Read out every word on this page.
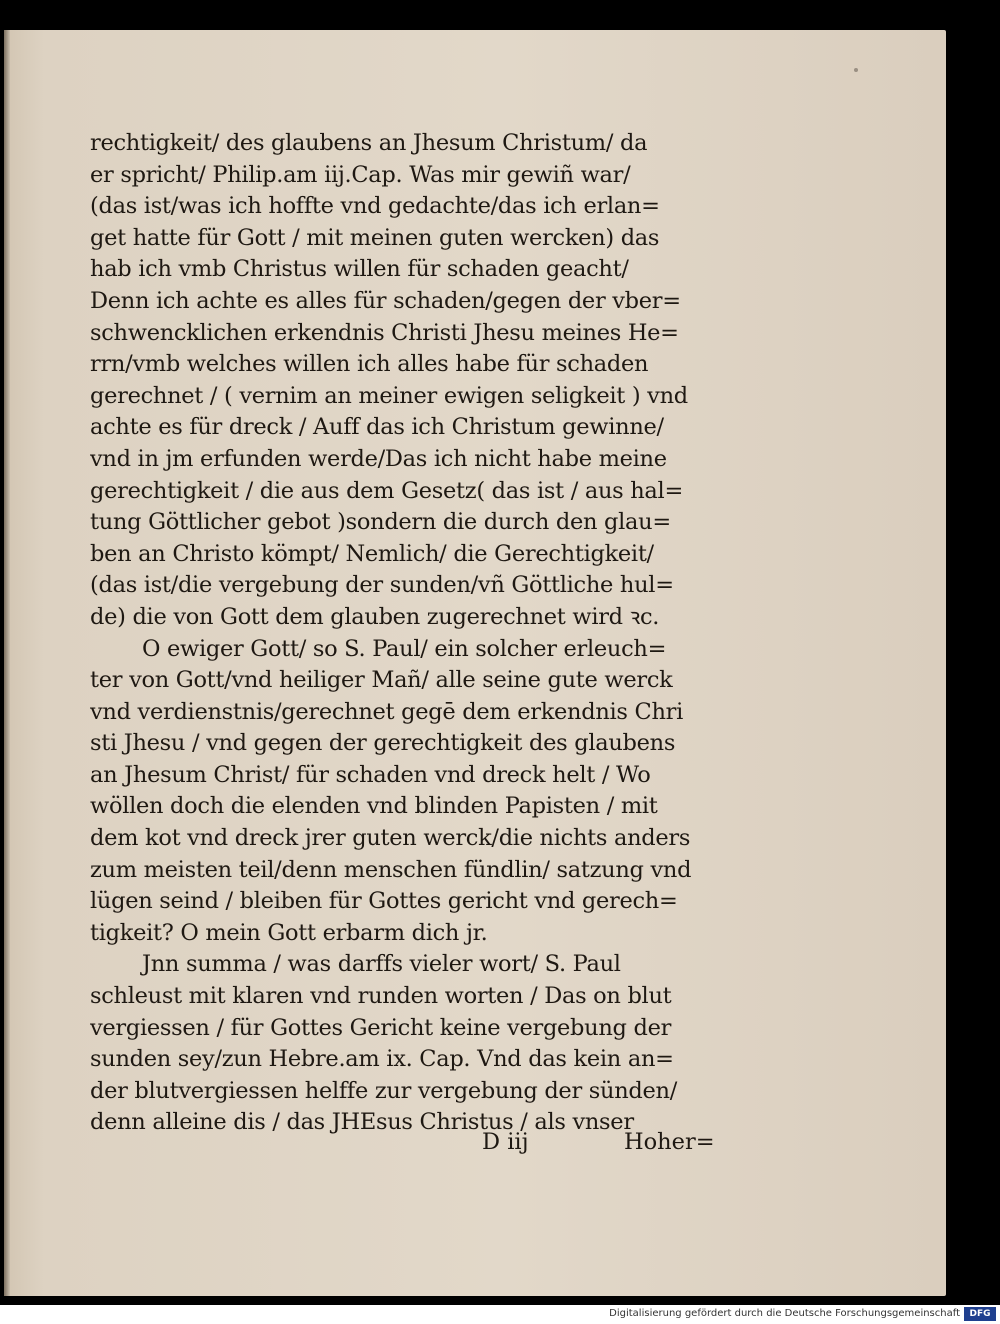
rechtigkeit/ des glaubens an Jhesum Christum/ da
er spricht/ Philip.am iij.Cap. Was mir gewiñ war/
(das ist/was ich hoffte vnd gedachte/das ich erlan=
get hatte für Gott / mit meinen guten wercken) das
hab ich vmb Christus willen für schaden geacht/
Denn ich achte es alles für schaden/gegen der vber=
schwencklichen erkendnis Christi Jhesu meines He=
rrn/vmb welches willen ich alles habe für schaden
gerechnet / ( vernim an meiner ewigen seligkeit ) vnd
achte es für dreck / Auff das ich Christum gewinne/
vnd in jm erfunden werde/Das ich nicht habe meine
gerechtigkeit / die aus dem Gesetz( das ist / aus hal=
tung Göttlicher gebot )sondern die durch den glau=
ben an Christo kömpt/ Nemlich/ die Gerechtigkeit/
(das ist/die vergebung der sunden/vñ Göttliche hul=
de) die von Gott dem glauben zugerechnet wird ꝛc.
O ewiger Gott/ so S. Paul/ ein solcher erleuch=
ter von Gott/vnd heiliger Mañ/ alle seine gute werck
vnd verdienstnis/gerechnet gegē dem erkendnis Chri
sti Jhesu / vnd gegen der gerechtigkeit des glaubens
an Jhesum Christ/ für schaden vnd dreck helt / Wo
wöllen doch die elenden vnd blinden Papisten / mit
dem kot vnd dreck jrer guten werck/die nichts anders
zum meisten teil/denn menschen fündlin/ satzung vnd
lügen seind / bleiben für Gottes gericht vnd gerech=
tigkeit? O mein Gott erbarm dich jr.
Jnn summa / was darffs vieler wort/ S. Paul
schleust mit klaren vnd runden worten / Das on blut
vergiessen / für Gottes Gericht keine vergebung der
sunden sey/zun Hebre.am ix. Cap. Vnd das kein an=
der blutvergiessen helffe zur vergebung der sünden/
denn alleine dis / das JHEsus Christus / als vnser
D iij	Hoher=
Digitalisierung gefördert durch die Deutsche Forschungsgemeinschaft	DFG
